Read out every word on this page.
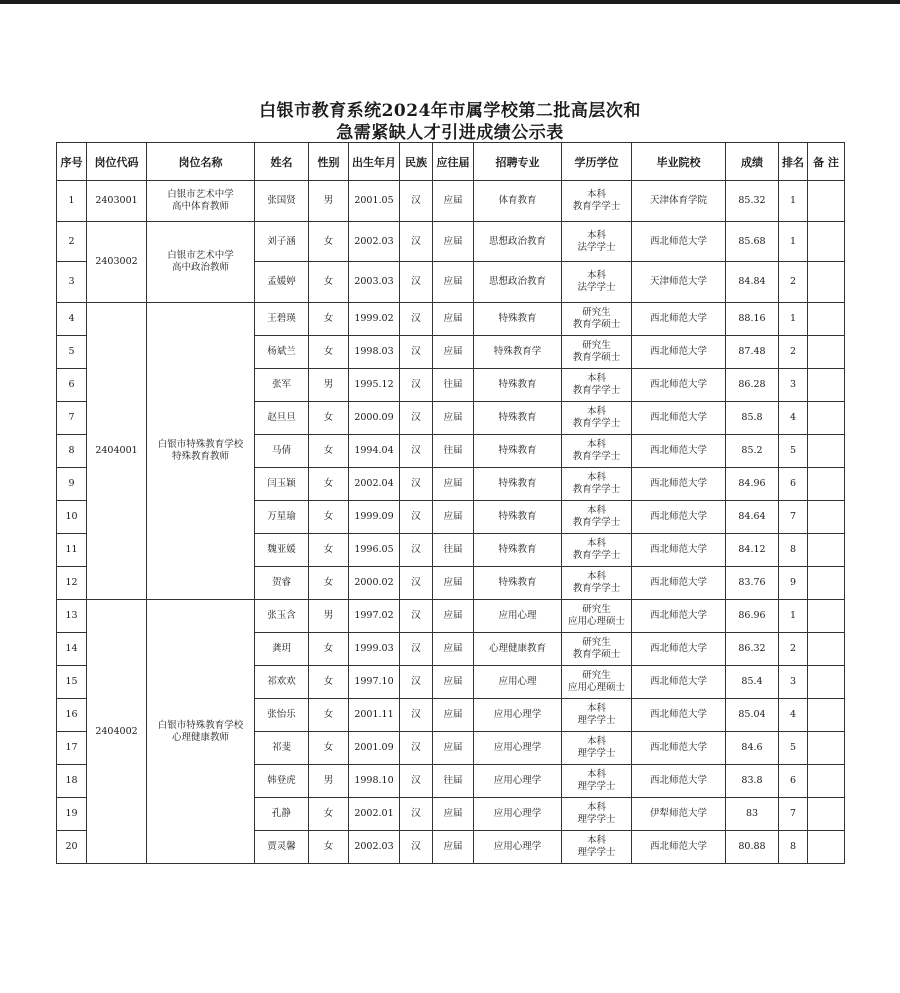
白银市教育系统2024年市属学校第二批高层次和
急需紧缺人才引进成绩公示表
序号	岗位代码	岗位名称	姓名	性别	出生年月	民族	应往届	招聘专业	学历学位	毕业院校	成绩	排名	备 注
1	2403001	白银市艺术中学
高中体育教师	张国贤	男	2001.05	汉	应届	体育教育	本科
教育学学士	天津体育学院	85.32	1	
2	2403002	白银市艺术中学
高中政治教师	刘子涵	女	2002.03	汉	应届	思想政治教育	本科
法学学士	西北师范大学	85.68	1	
3			孟媛婷	女	2003.03	汉	应届	思想政治教育	本科
法学学士	天津师范大学	84.84	2	
4	2404001	白银市特殊教育学校
特殊教育教师	王碧瑛	女	1999.02	汉	应届	特殊教育	研究生
教育学硕士	西北师范大学	88.16	1	
5			杨斌兰	女	1998.03	汉	应届	特殊教育学	研究生
教育学硕士	西北师范大学	87.48	2	
6			张军	男	1995.12	汉	往届	特殊教育	本科
教育学学士	西北师范大学	86.28	3	
7			赵旦旦	女	2000.09	汉	应届	特殊教育	本科
教育学学士	西北师范大学	85.8	4	
8			马倩	女	1994.04	汉	往届	特殊教育	本科
教育学学士	西北师范大学	85.2	5	
9			闫玉颖	女	2002.04	汉	应届	特殊教育	本科
教育学学士	西北师范大学	84.96	6	
10			万星瑜	女	1999.09	汉	应届	特殊教育	本科
教育学学士	西北师范大学	84.64	7	
11			魏亚媛	女	1996.05	汉	往届	特殊教育	本科
教育学学士	西北师范大学	84.12	8	
12			贺睿	女	2000.02	汉	应届	特殊教育	本科
教育学学士	西北师范大学	83.76	9	
13	2404002	白银市特殊教育学校
心理健康教师	张玉含	男	1997.02	汉	应届	应用心理	研究生
应用心理硕士	西北师范大学	86.96	1	
14			龚玥	女	1999.03	汉	应届	心理健康教育	研究生
教育学硕士	西北师范大学	86.32	2	
15			祁欢欢	女	1997.10	汉	应届	应用心理	研究生
应用心理硕士	西北师范大学	85.4	3	
16			张怡乐	女	2001.11	汉	应届	应用心理学	本科
理学学士	西北师范大学	85.04	4	
17			祁斐	女	2001.09	汉	应届	应用心理学	本科
理学学士	西北师范大学	84.6	5	
18			韩登虎	男	1998.10	汉	往届	应用心理学	本科
理学学士	西北师范大学	83.8	6	
19			孔静	女	2002.01	汉	应届	应用心理学	本科
理学学士	伊犁师范大学	83	7	
20			贾灵馨	女	2002.03	汉	应届	应用心理学	本科
理学学士	西北师范大学	80.88	8	
